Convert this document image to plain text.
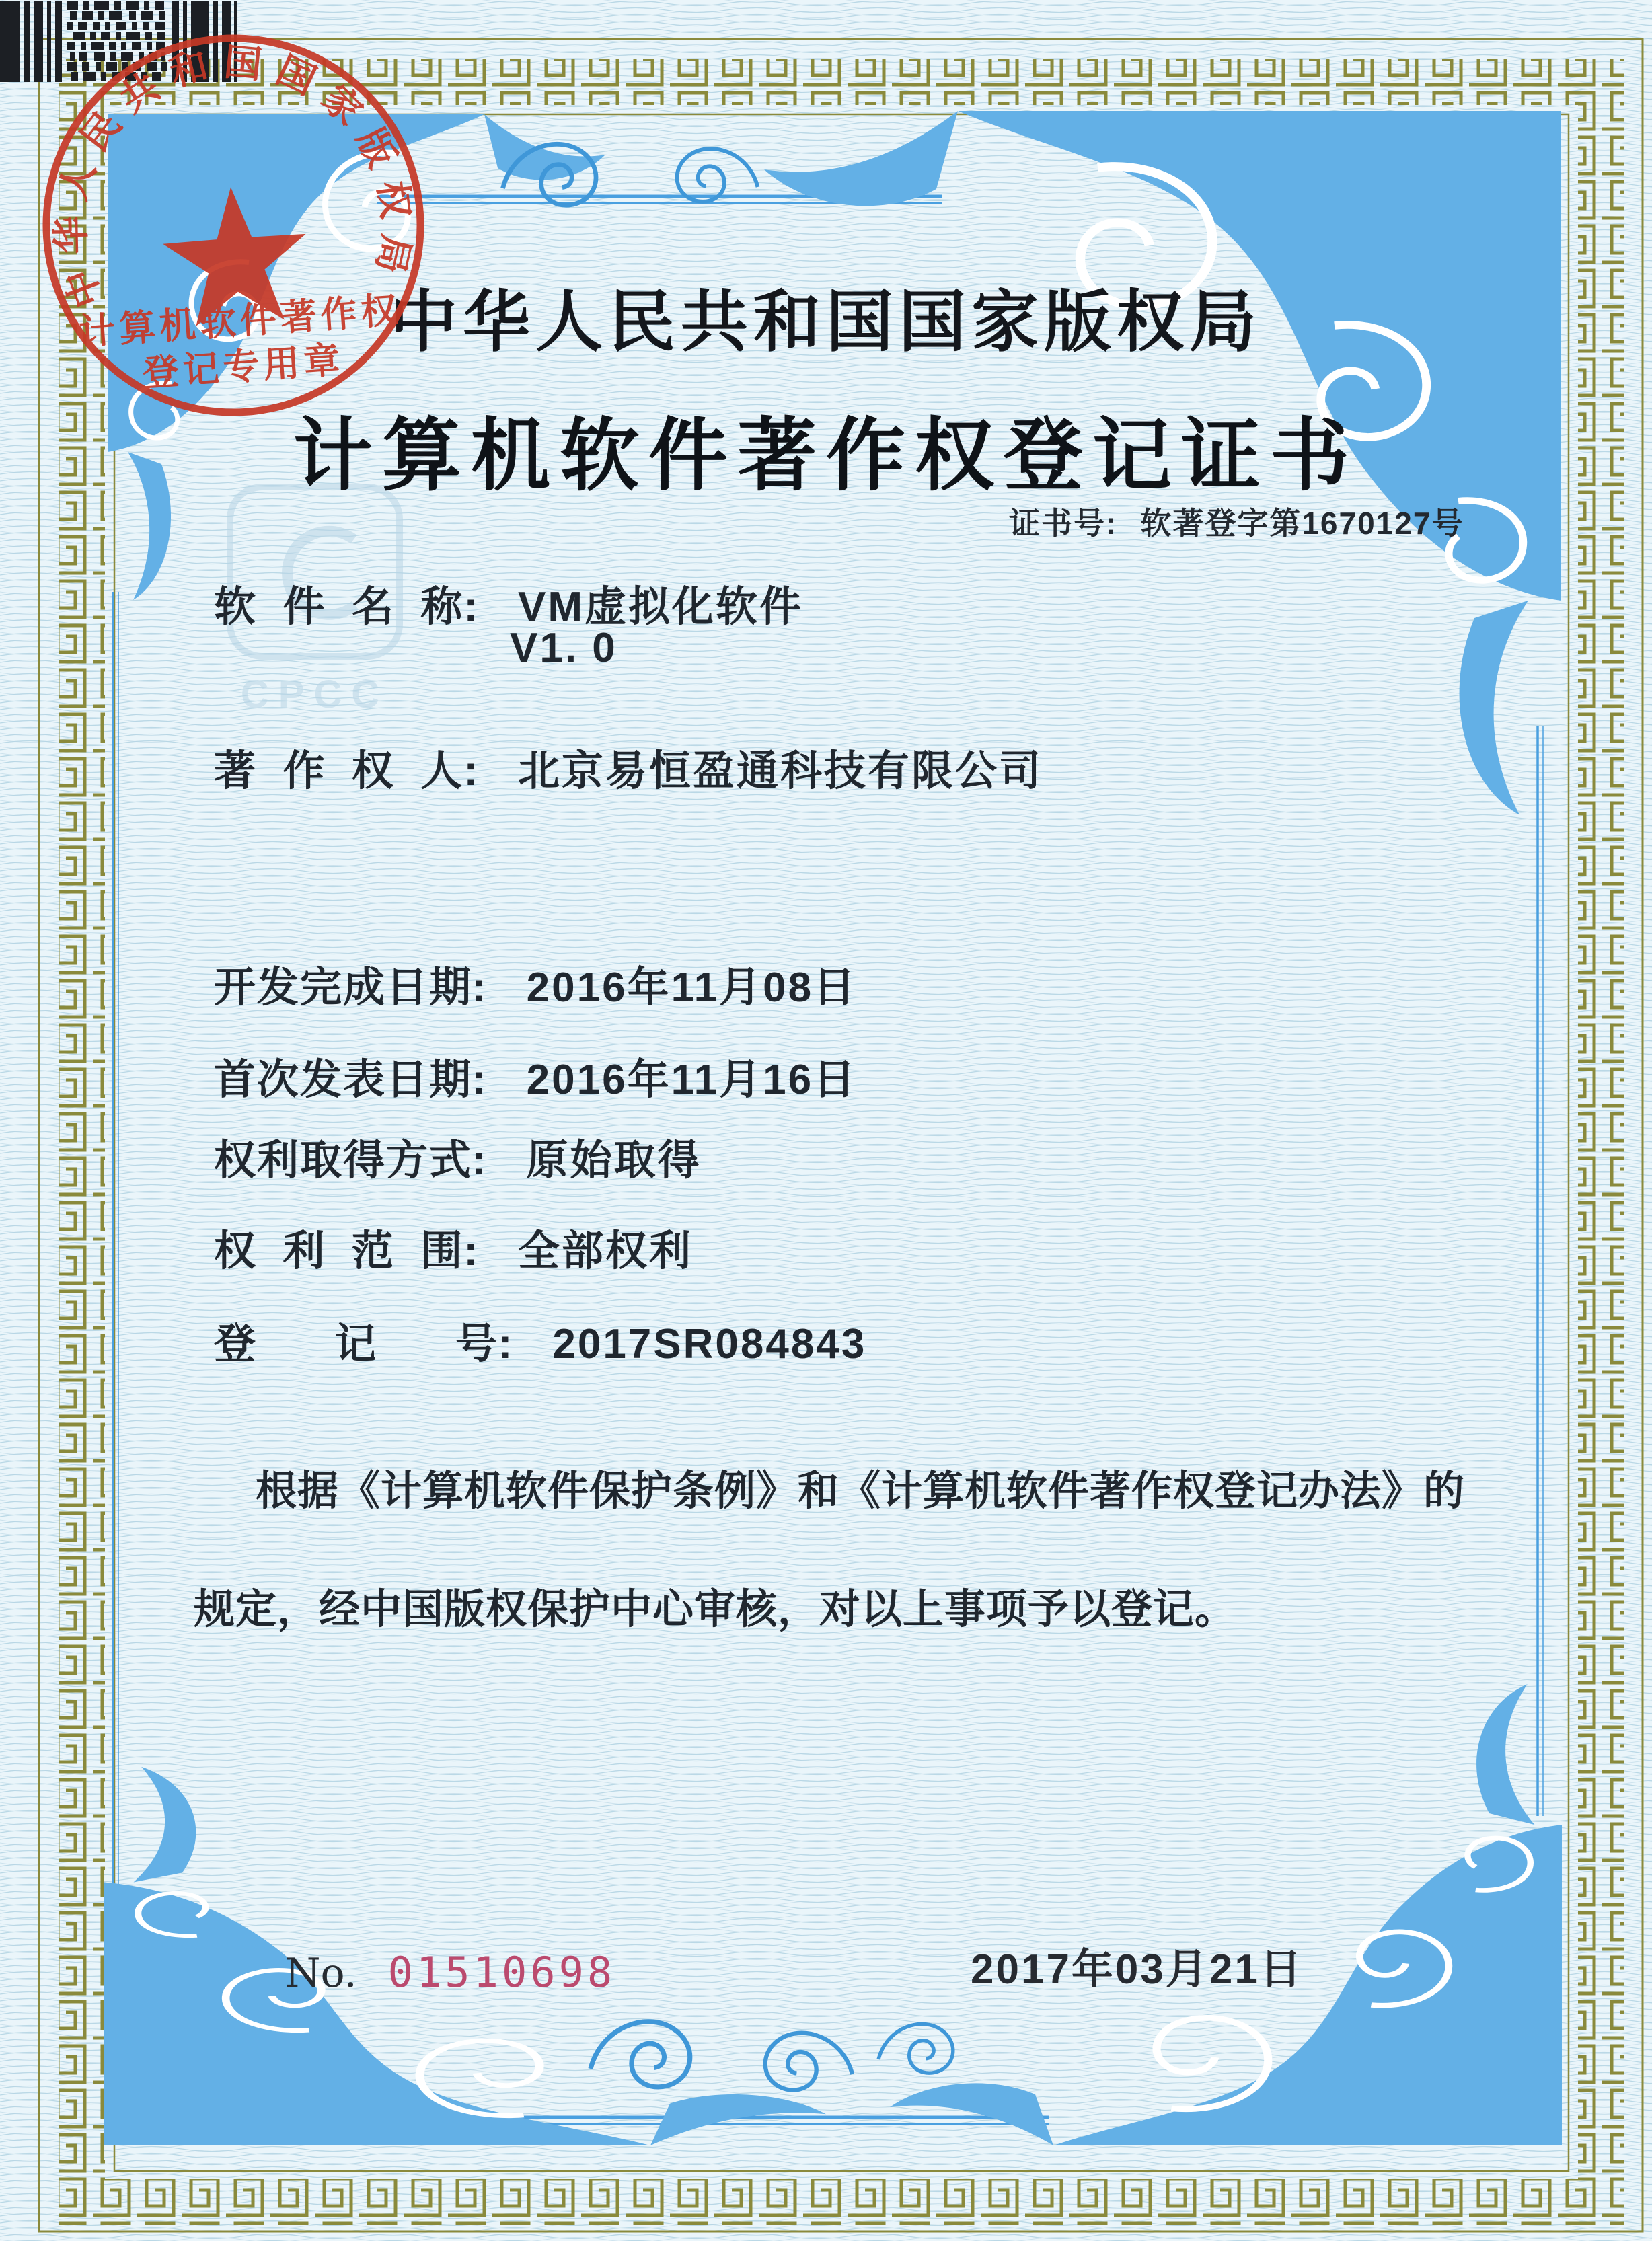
CPCC
中华人民共和国国家版权局
计算机软件著作权登记证书
证书号: 软著登字第1670127号
软  件  名  称: VM虚拟化软件
V1. 0
著  作  权  人: 北京易恒盈通科技有限公司
开发完成日期: 2016年11月08日
首次发表日期: 2016年11月16日
权利取得方式: 原始取得
权  利  范  围: 全部权利
登      记      号: 2017SR084843
根据《计算机软件保护条例》和《计算机软件著作权登记办法》的
规定，经中国版权保护中心审核，对以上事项予以登记。
中华人民共和国国家版权局
计算机软件著作权
登记专用章
2017年03月21日
No. 01510698
